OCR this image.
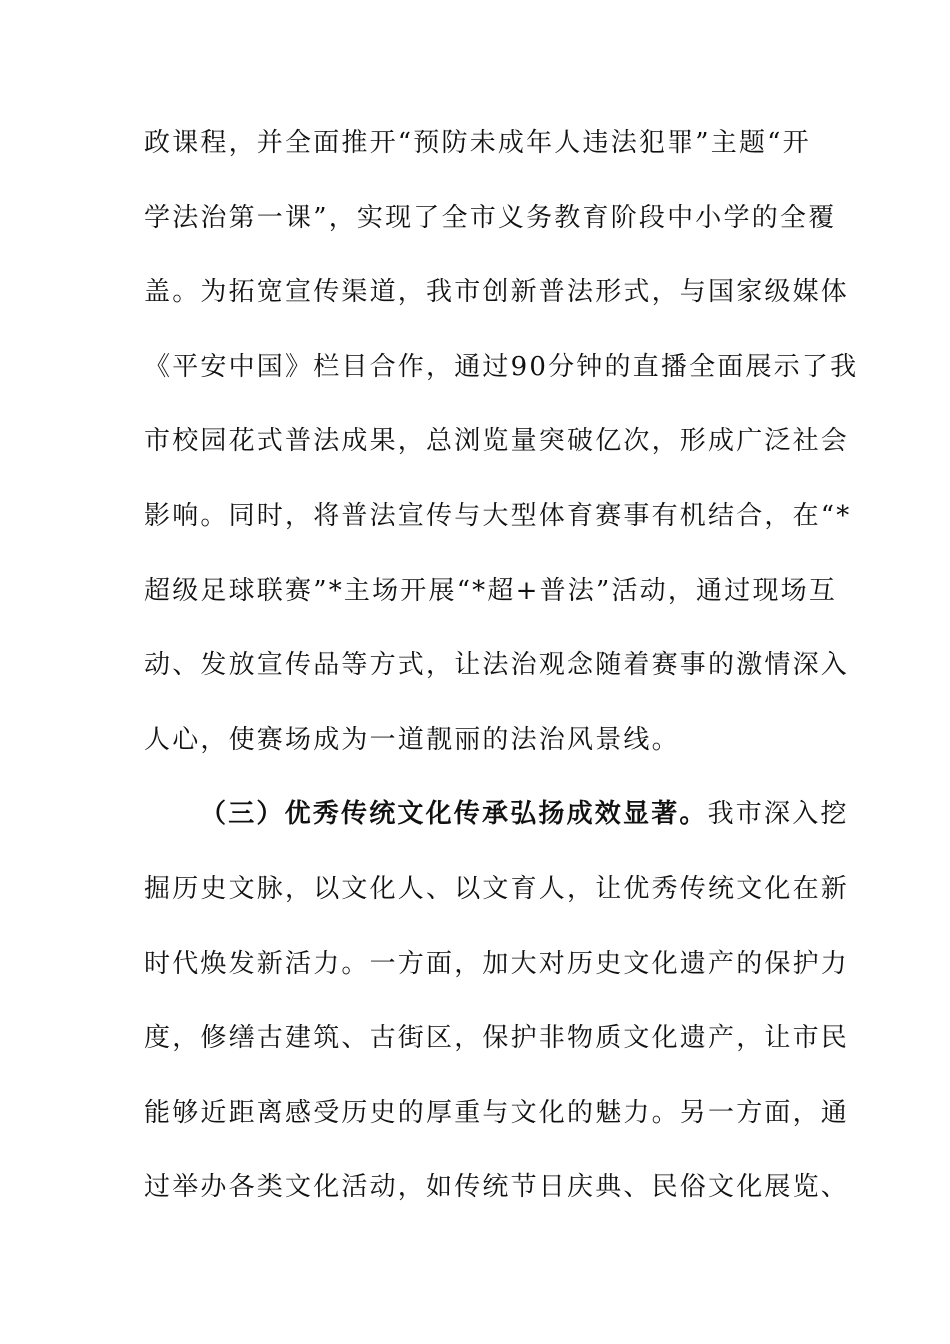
政课程，并全面推开“预防未成年人违法犯罪”主题“开
学法治第一课”，实现了全市义务教育阶段中小学的全覆
盖。为拓宽宣传渠道，我市创新普法形式，与国家级媒体
《平安中国》栏目合作，通过90分钟的直播全面展示了我
市校园花式普法成果，总浏览量突破亿次，形成广泛社会
影响。同时，将普法宣传与大型体育赛事有机结合，在“*
超级足球联赛”*主场开展“*超+普法”活动，通过现场互
动、发放宣传品等方式，让法治观念随着赛事的激情深入
人心，使赛场成为一道靓丽的法治风景线。
（三）优秀传统文化传承弘扬成效显著。我市深入挖
掘历史文脉，以文化人、以文育人，让优秀传统文化在新
时代焕发新活力。一方面，加大对历史文化遗产的保护力
度，修缮古建筑、古街区，保护非物质文化遗产，让市民
能够近距离感受历史的厚重与文化的魅力。另一方面，通
过举办各类文化活动，如传统节日庆典、民俗文化展览、
